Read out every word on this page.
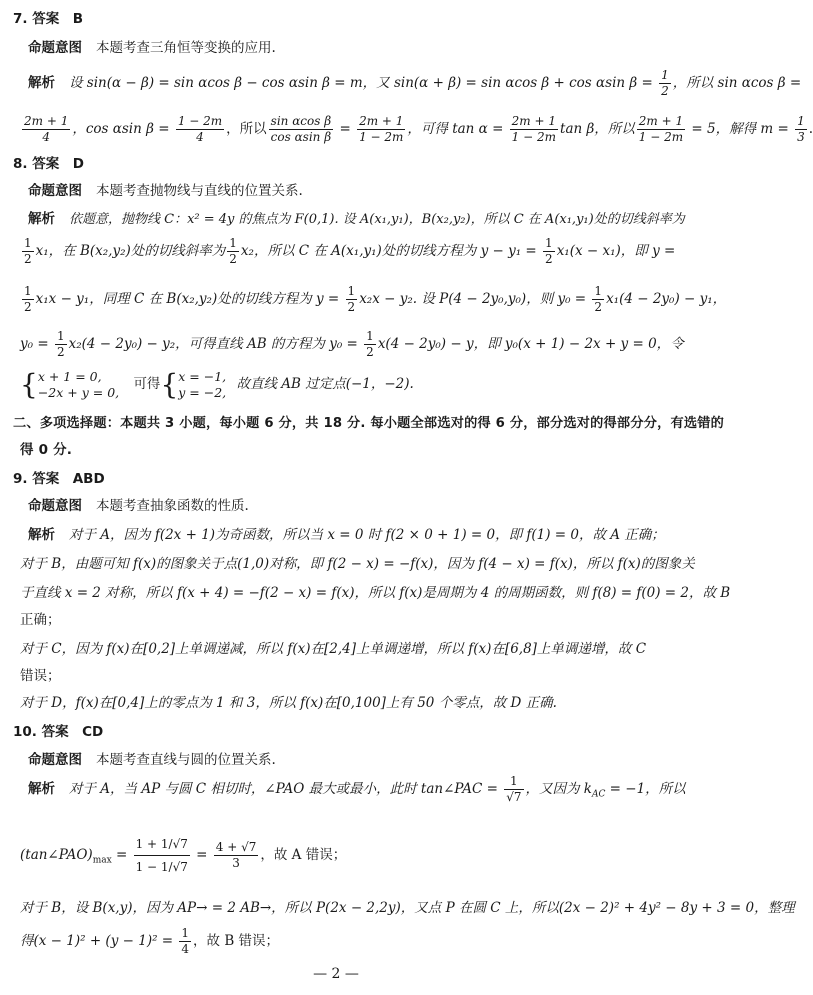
7. 答案　B
命题意图 本题考查三角恒等变换的应用.
解析 设 sin(α − β) = sin αcos β − cos αsin β = m，又 sin(α + β) = sin αcos β + cos αsin $\beta = \frac{1}{2}$ ，所以 sin αcos β =
$\frac{2m + 1}{4}$ ，cos αsin $\beta = \frac{1 - 2m}{4}$ ，所以 $\frac{\text{sin αcos β}}{\text{cos αsin β}} = \frac{2m + 1}{1 - 2m}$ ，可得 $\tan \alpha = \frac{2m + 1}{1 - 2m}$ tan β，所以 $\frac{2m + 1}{1 - 2m} = 5$，解得 $m = \frac{1}{3}$ .
8. 答案　D
命题意图 本题考查抛物线与直线的位置关系.
解析 依题意，抛物线 C：x² = 4y 的焦点为 F(0,1). 设 A(x₁,y₁)，B(x₂,y₂)，所以 C 在 A(x₁,y₁)处的切线斜率为
$\frac{1}{2} x_1$，在 B(x₂,y₂)处的切线斜率为 $\frac{1}{2} x_2$，所以 C 在 A(x₁,y₁)处的切线方程为 $y - y_1 = \frac{1}{2} x_1(x - x_1)$，即 y =
$\frac{1}{2} x_1x - y_1$，同理 C 在 B(x₂,y₂)处的切线方程为 $y = \frac{1}{2} x_2x - y_2$. 设 P(4 − 2y₀,y₀)，则 $y_0 = \frac{1}{2} x_1(4 - 2y_0) - y_1$，
$y_0 = \frac{1}{2} x_2(4 - 2y_0) - y_2$，可得直线 AB 的方程为 $y_0 = \frac{1}{2} x(4 - 2y_0) - y$，即 y₀(x + 1) − 2x + y = 0，令
{ x + 1 = 0,
−2x + y = 0, 可得{ x = −1,
y = −2, 故直线 AB 过定点(−1，−2).
二、多项选择题：本题共 3 小题，每小题 6 分，共 18 分. 每小题全部选对的得 6 分，部分选对的得部分分，有选错的
得 0 分.
9. 答案　ABD
命题意图 本题考查抽象函数的性质.
解析 对于 A，因为 f(2x + 1)为奇函数，所以当 x = 0 时 f(2 × 0 + 1) = 0，即 f(1) = 0，故 A 正确；
对于 B，由题可知 f(x)的图象关于点(1,0)对称，即 f(2 − x) = −f(x)，因为 f(4 − x) = f(x)，所以 f(x)的图象关
于直线 x = 2 对称，所以 f(x + 4) = −f(2 − x) = f(x)，所以 f(x)是周期为 4 的周期函数，则 f(8) = f(0) = 2，故 B
正确；
对于 C，因为 f(x)在[0,2]上单调递减，所以 f(x)在[2,4]上单调递增，所以 f(x)在[6,8]上单调递增，故 C
错误；
对于 D，f(x)在[0,4]上的零点为 1 和 3，所以 f(x)在[0,100]上有 50 个零点，故 D 正确.
10. 答案　CD
命题意图 本题考查直线与圆的位置关系.
解析 对于 A，当 AP 与圆 C 相切时，∠PAO 最大或最小，此时 tan∠PAC = $\frac{1}{√7}$ ，又因为 $k_{AC} = -1$，所以
$(\tan\angle PAO)_{max} = \frac{1 + 1/√7}{1 - 1/√7} = \frac{4 + √7}{3}$ ，故 A 错误；
对于 B，设 B(x,y)，因为 AP→ = 2 AB→，所以 P(2x − 2,2y)，又点 P 在圆 C 上，所以(2x − 2)² + 4y² − 8y + 3 = 0，整理
得$(x - 1)^2 + (y - 1)^2 = \frac{1}{4}$ ，故 B 错误；
— 2 —
